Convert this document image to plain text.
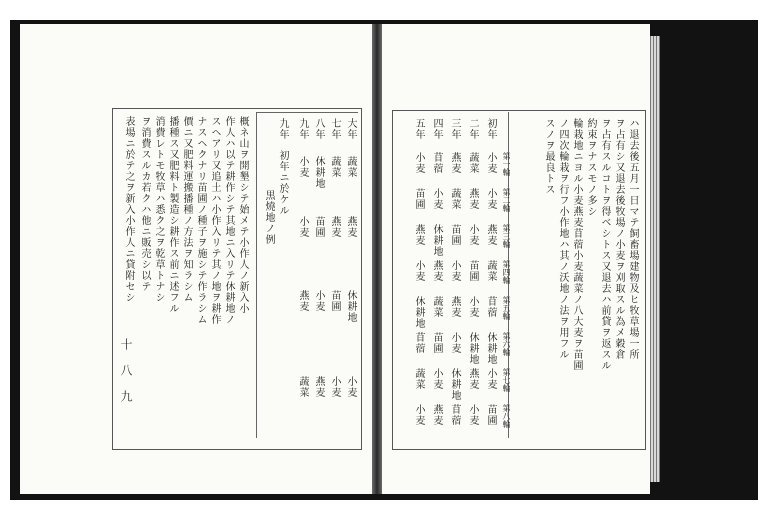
概ネ山ヲ開墾シテ始メテ小作人ノ新入小
作人ハ以テ耕作シテ其地ニ入リテ休耕地ノ
スヘアリ又追土ハ小作入リテ其ノ地ヲ耕作
ナスヘクナリ苗圃ノ種子ヲ施シテ作ラシム
價ニ又肥料運搬播種ノ方法ヲ知ラシム
播種ス又肥料ト製造シ耕作ス前ニ述フル
消費レトモ牧草ハ悉ク之ヲ乾草トナシ
ヲ消費スルカ若クハ他ニ販売シ以テ
表場ニ於テ之ヲ新入小作人ニ貸附セシ	黒燒地ノ例
初年ニ於ケル
九年	大年
蔬菜
燕麦
休耕地
小麦
七年
蔬菜
燕麦
苗圃
小麦
八年
休耕地
苗圃
小麦
燕麦
九年
小麦
小麦
燕麦
蔬菜
十
八
九
ハ退去後五月一日マテ飼畜場建物及ヒ牧草場一所
ヲ占有シ又退去後牧場ノ小麦ヲ刈取スル為メ穀倉
ヲ占有スルコトヲ得ベシトス又退去ハ前貸ヲ返スル
約束ヲナスモノ多シ
輪栽地ニヨル小麦燕麦苜蓿小麦蔬菜ノ八大麦ヲ苗圃
ノ四次輪栽ヲ行フ小作地ハ其ノ沃地ノ法ヲ用フル
スノヲ最良トス
第一輪
第二輪
第三輪
第四輪
第五輪
第六輪
第七輪
第八輪
初年
小麦
小麦
燕麦
蔬菜
苜蓿
休耕地
小麦
苗圃
二年
蔬菜
燕麦
小麦
苗圃
小麦
休耕地
燕麦
小麦
三年
燕麦
蔬菜
苗圃
小麦
燕麦
小麦
休耕地
苜蓿
四年
苜蓿
小麦
休耕地
燕麦
蔬菜
苗圃
小麦
燕麦
五年
小麦
苗圃
燕麦
小麦
休耕地
苜蓿
蔬菜
小麦
